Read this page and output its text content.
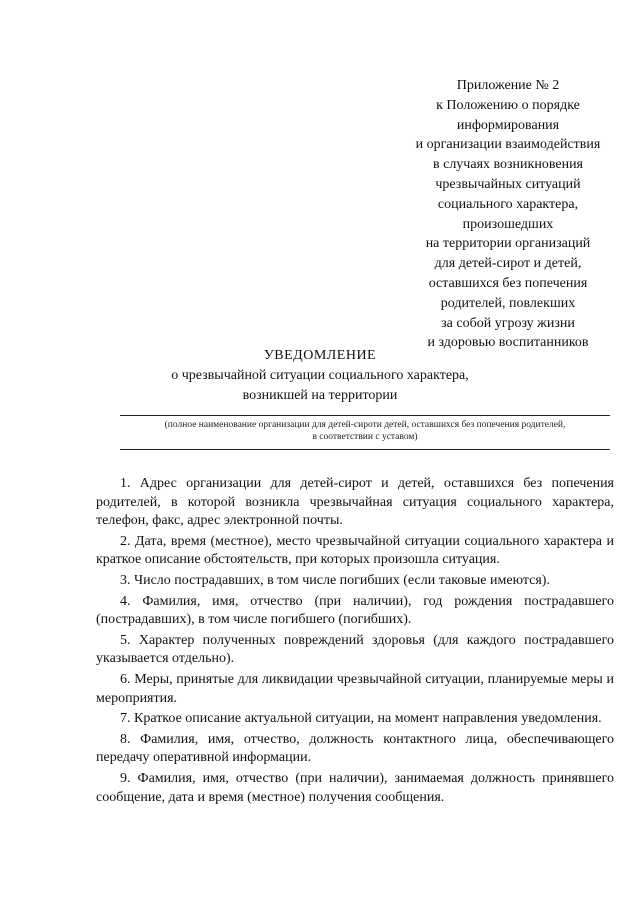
Приложение № 2
к Положению о порядке
информирования
и организации взаимодействия
в случаях возникновения
чрезвычайных ситуаций
социального характера,
произошедших
на территории организаций
для детей-сирот и детей,
оставшихся без попечения
родителей, повлекших
за собой угрозу жизни
и здоровью воспитанников
УВЕДОМЛЕНИЕ
о чрезвычайной ситуации социального характера,
возникшей на территории
(полное наименование организации для детей-сироти детей, оставшихся без попечения родителей,
в соответствии с уставом)

1. Адрес организации для детей-сирот и детей, оставшихся без попечения родителей, в которой возникла чрезвычайная ситуация социального характера, телефон, факс, адрес электронной почты.

2. Дата, время (местное), место чрезвычайной ситуации социального характера и краткое описание обстоятельств, при которых произошла ситуация.

3. Число пострадавших, в том числе погибших (если таковые имеются).

4. Фамилия, имя, отчество (при наличии), год рождения пострадавшего (пострадавших), в том числе погибшего (погибших).

5. Характер полученных повреждений здоровья (для каждого пострадавшего указывается отдельно).

6. Меры, принятые для ликвидации чрезвычайной ситуации, планируемые меры и мероприятия.

7. Краткое описание актуальной ситуации, на момент направления уведомления.

8. Фамилия, имя, отчество, должность контактного лица, обеспечивающего передачу оперативной информации.

9. Фамилия, имя, отчество (при наличии), занимаемая должность принявшего сообщение, дата и время (местное) получения сообщения.
